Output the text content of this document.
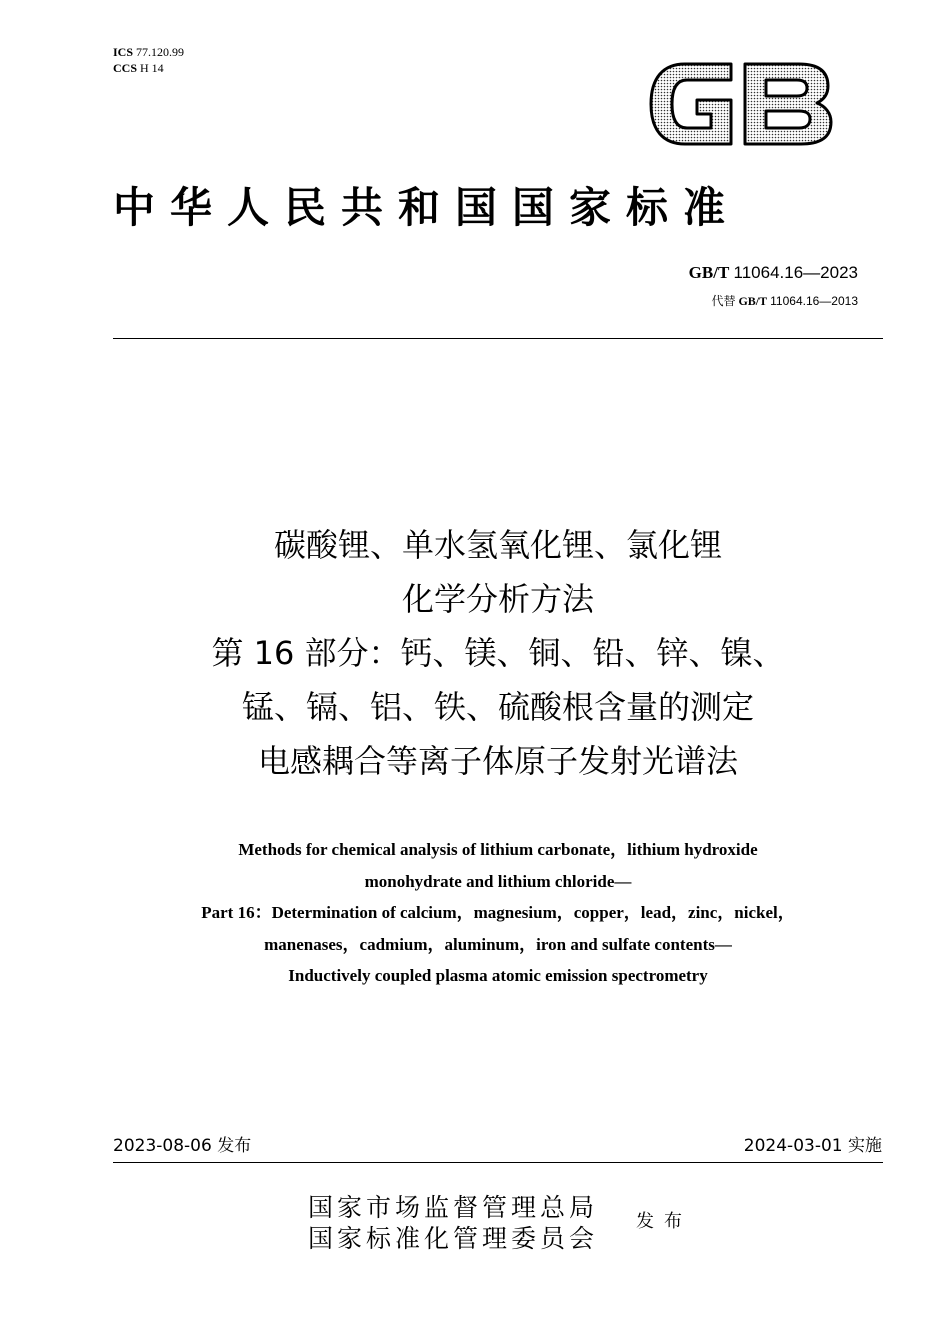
ICS 77.120.99
CCS H 14
GB
中华人民共和国国家标准
GB/T 11064.16—2023
代替 GB/T 11064.16—2013
碳酸锂、单水氢氧化锂、氯化锂
化学分析方法
第 16 部分：钙、镁、铜、铅、锌、镍、
锰、镉、铝、铁、硫酸根含量的测定
电感耦合等离子体原子发射光谱法
Methods for chemical analysis of lithium carbonate，lithium hydroxide
monohydrate and lithium chloride—
Part 16：Determination of calcium，magnesium，copper，lead，zinc，nickel，
manenases，cadmium，aluminum，iron and sulfate contents—
Inductively coupled plasma atomic emission spectrometry
2023-08-06 发布	2024-03-01 实施
国家市场监督管理总局
国家标准化管理委员会
发布
